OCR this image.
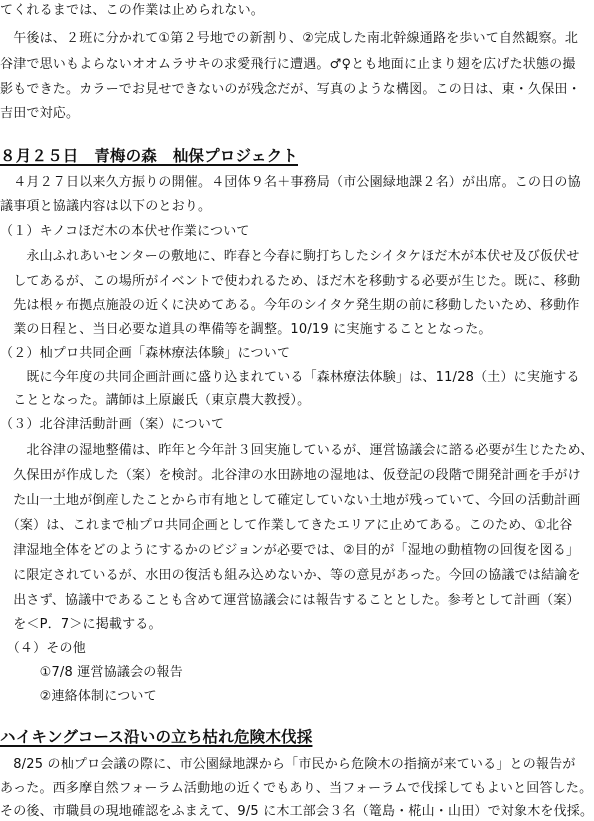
てくれるまでは、この作業は止められない。
　午後は、２班に分かれて①第２号地での新割り、②完成した南北幹線通路を歩いて自然観察。北
谷津で思いもよらないオオムラサキの求愛飛行に遭遇。♂♀とも地面に止まり翅を広げた状態の撮
影もできた。カラーでお見せできないのが残念だが、写真のような構図。この日は、東・久保田・
吉田で対応。
８月２５日　青梅の森　杣保プロジェクト
　４月２７日以来久方振りの開催。４団体９名＋事務局（市公園緑地課２名）が出席。この日の協
議事項と協議内容は以下のとおり。
（１）キノコほだ木の本伏せ作業について
　　永山ふれあいセンターの敷地に、昨春と今春に駒打ちしたシイタケほだ木が本伏せ及び仮伏せ
　してあるが、この場所がイベントで使われるため、ほだ木を移動する必要が生じた。既に、移動
　先は根ヶ布拠点施設の近くに決めてある。今年のシイタケ発生期の前に移動したいため、移動作
　業の日程と、当日必要な道具の準備等を調整。10/19 に実施することとなった。
（２）杣プロ共同企画「森林療法体験」について
　　既に今年度の共同企画計画に盛り込まれている「森林療法体験」は、11/28（土）に実施する
　こととなった。講師は上原巌氏（東京農大教授）。
（３）北谷津活動計画（案）について
　　北谷津の湿地整備は、昨年と今年計３回実施しているが、運営協議会に諮る必要が生じたため、
　久保田が作成した（案）を検討。北谷津の水田跡地の湿地は、仮登記の段階で開発計画を手がけ
　た山一土地が倒産したことから市有地として確定していない土地が残っていて、今回の活動計画
　（案）は、これまで杣プロ共同企画として作業してきたエリアに止めてある。このため、①北谷
　津湿地全体をどのようにするかのビジョンが必要では、②目的が「湿地の動植物の回復を図る」
　に限定されているが、水田の復活も組み込めないか、等の意見があった。今回の協議では結論を
　出さず、協議中であることも含めて運営協議会には報告することとした。参考として計画（案）
　を＜P．7＞に掲載する。
　（４）その他
　　　①7/8 運営協議会の報告
　　　②連絡体制について
ハイキングコース沿いの立ち枯れ危険木伐採
　8/25 の杣プロ会議の際に、市公園緑地課から「市民から危険木の指摘が来ている」との報告が
あった。西多摩自然フォーラム活動地の近くでもあり、当フォーラムで伐採してもよいと回答した。
その後、市職員の現地確認をふまえて、9/5 に木工部会３名（篭島・椛山・山田）で対象木を伐採。
